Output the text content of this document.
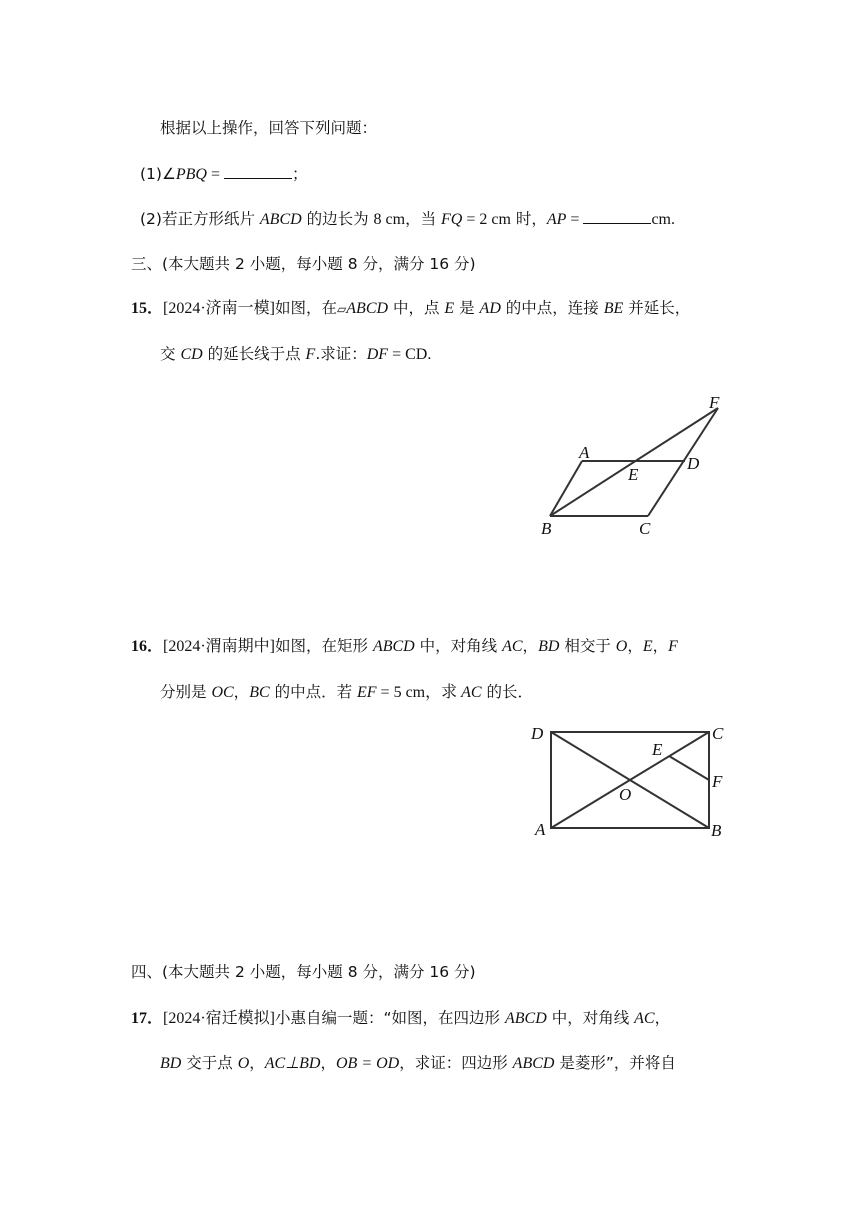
根据以上操作，回答下列问题：
(1)∠PBQ =	；
(2)若正方形纸片 ABCD 的边长为 8 cm，当 FQ = 2 cm 时，AP =	cm.
三、(本大题共 2 小题，每小题 8 分，满分 16 分)
15．[2024·济南一模]如图，在▱ABCD 中，点 E 是 AD 的中点，连接 BE 并延长，
交 CD 的延长线于点 F.求证：DF = CD.
A
E
D
F
B	C
16．[2024·渭南期中]如图，在矩形 ABCD 中，对角线 AC，BD 相交于 O，E，F
分别是 OC，BC 的中点．若 EF = 5 cm，求 AC 的长．
D	C
E
F
O
A	B
四、(本大题共 2 小题，每小题 8 分，满分 16 分)
17．[2024·宿迁模拟]小惠自编一题：“如图，在四边形 ABCD 中，对角线 AC，
BD 交于点 O，AC⊥BD，OB = OD，求证：四边形 ABCD 是菱形”，并将自
